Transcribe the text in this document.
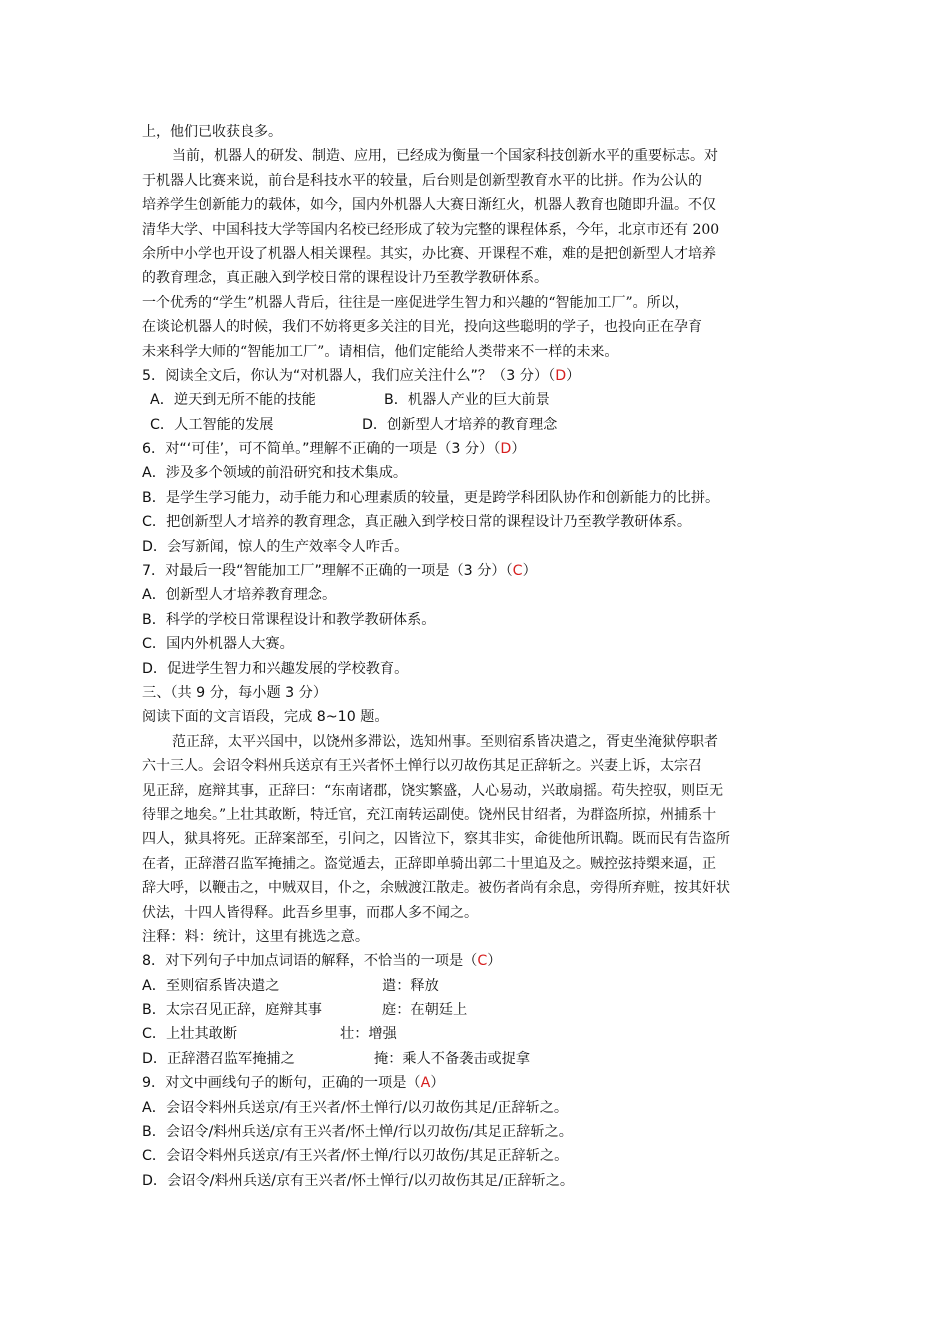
上，他们已收获良多。
当前，机器人的研发、制造、应用，已经成为衡量一个国家科技创新水平的重要标志。对
于机器人比赛来说，前台是科技水平的较量，后台则是创新型教育水平的比拼。作为公认的
培养学生创新能力的载体，如今，国内外机器人大赛日渐红火，机器人教育也随即升温。不仅
清华大学、中国科技大学等国内名校已经形成了较为完整的课程体系，今年，北京市还有 200
余所中小学也开设了机器人相关课程。其实，办比赛、开课程不难，难的是把创新型人才培养
的教育理念，真正融入到学校日常的课程设计乃至教学教研体系。
一个优秀的“学生”机器人背后，往往是一座促进学生智力和兴趣的“智能加工厂”。所以，
在谈论机器人的时候，我们不妨将更多关注的目光，投向这些聪明的学子，也投向正在孕育
未来科学大师的“智能加工厂”。请相信，他们定能给人类带来不一样的未来。
5．阅读全文后，你认为“对机器人，我们应关注什么”？（3 分）（D）
A．逆天到无所不能的技能	B．机器人产业的巨大前景
C．人工智能的发展	D．创新型人才培养的教育理念
6．对“‘可佳’，可不简单。”理解不正确的一项是（3 分）（D）
A．涉及多个领域的前沿研究和技术集成。
B．是学生学习能力，动手能力和心理素质的较量，更是跨学科团队协作和创新能力的比拼。
C．把创新型人才培养的教育理念，真正融入到学校日常的课程设计乃至教学教研体系。
D．会写新闻，惊人的生产效率令人咋舌。
7．对最后一段“智能加工厂”理解不正确的一项是（3 分）（C）
A．创新型人才培养教育理念。
B．科学的学校日常课程设计和教学教研体系。
C．国内外机器人大赛。
D．促进学生智力和兴趣发展的学校教育。
三、（共 9 分，每小题 3 分）
阅读下面的文言语段，完成 8~10 题。
范正辞，太平兴国中，以饶州多滞讼，选知州事。至则宿系皆决遣之，胥吏坐淹狱停职者
六十三人。会诏令料州兵送京有王兴者怀土惮行以刃故伤其足正辞斩之。兴妻上诉，太宗召
见正辞，庭辩其事，正辞曰：“东南诸郡，饶实繁盛，人心易动，兴敢扇摇。苟失控驭，则臣无
待罪之地矣。”上壮其敢断，特迁官，充江南转运副使。饶州民甘绍者，为群盗所掠，州捕系十
四人，狱具将死。正辞案部至，引问之，囚皆泣下，察其非实，命徙他所讯鞫。既而民有告盗所
在者，正辞潜召监军掩捕之。盗觉遁去，正辞即单骑出郭二十里追及之。贼控弦持槊来逼，正
辞大呼，以鞭击之，中贼双目，仆之，余贼渡江散走。被伤者尚有余息，旁得所弃赃，按其奸状
伏法，十四人皆得释。此吾乡里事，而郡人多不闻之。
注释：料：统计，这里有挑选之意。
8．对下列句子中加点词语的解释，不恰当的一项是（C）
A．至则宿系皆决遣之	遣：释放
B．太宗召见正辞，庭辩其事	庭：在朝廷上
C．上壮其敢断	壮：增强
D．正辞潜召监军掩捕之	掩：乘人不备袭击或捉拿
9．对文中画线句子的断句，正确的一项是（A）
A．会诏令料州兵送京/有王兴者/怀土惮行/以刃故伤其足/正辞斩之。
B．会诏令/料州兵送/京有王兴者/怀土惮/行以刃故伤/其足正辞斩之。
C．会诏令料州兵送京/有王兴者/怀土惮/行以刃故伤/其足正辞斩之。
D．会诏令/料州兵送/京有王兴者/怀土惮行/以刃故伤其足/正辞斩之。
